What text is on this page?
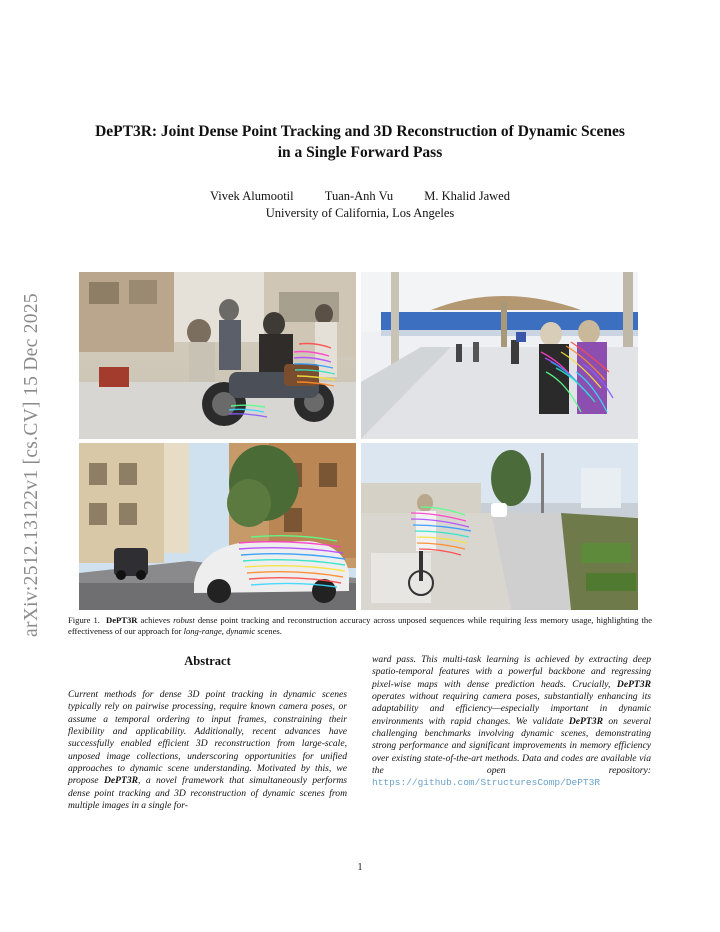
arXiv:2512.13122v1 [cs.CV] 15 Dec 2025
DePT3R: Joint Dense Point Tracking and 3D Reconstruction of Dynamic Scenes
in a Single Forward Pass
Vivek Alumootil Tuan-Anh Vu M. Khalid Jawed
University of California, Los Angeles
Figure 1. DePT3R achieves robust dense point tracking and reconstruction accuracy across unposed sequences while requiring less memory usage, highlighting the effectiveness of our approach for long-range, dynamic scenes.
Abstract
Current methods for dense 3D point tracking in dynamic scenes typically rely on pairwise processing, require known camera poses, or assume a temporal ordering to input frames, constraining their flexibility and applicability. Additionally, recent advances have successfully enabled efficient 3D reconstruction from large-scale, unposed image collections, underscoring opportunities for unified approaches to dynamic scene understanding. Motivated by this, we propose DePT3R, a novel framework that simultaneously performs dense point tracking and 3D reconstruction of dynamic scenes from multiple images in a single for-
ward pass. This multi-task learning is achieved by extracting deep spatio-temporal features with a powerful backbone and regressing pixel-wise maps with dense prediction heads. Crucially, DePT3R operates without requiring camera poses, substantially enhancing its adaptability and efficiency—especially important in dynamic environments with rapid changes. We validate DePT3R on several challenging benchmarks involving dynamic scenes, demonstrating strong performance and significant improvements in memory efficiency over existing state-of-the-art methods. Data and codes are available via the open repository: https://github.com/StructuresComp/DePT3R
1
